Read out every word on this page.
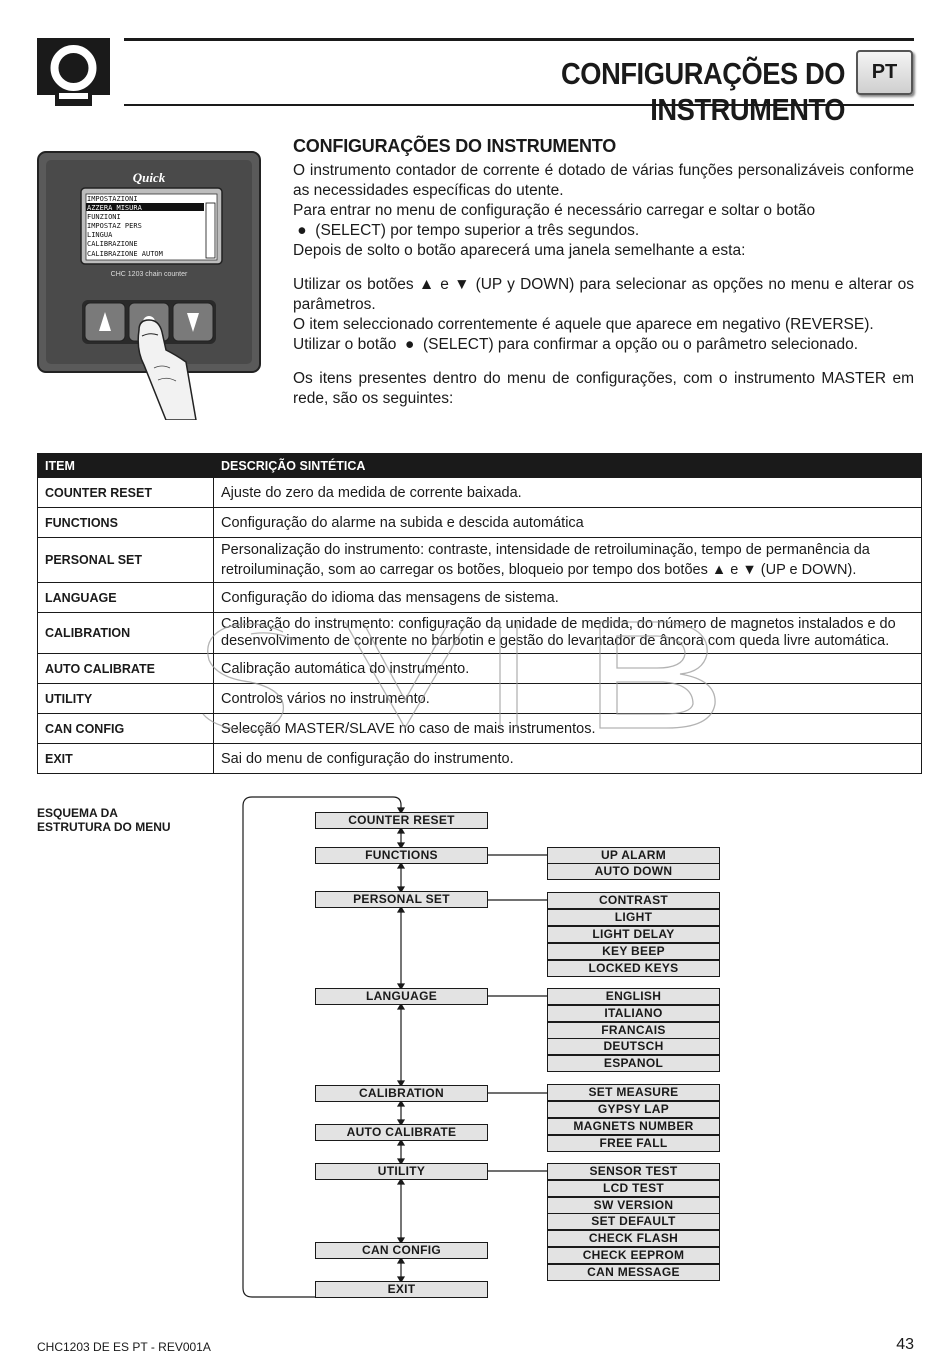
CONFIGURAÇÕES DO INSTRUMENTO
PT
Quick
IMPOSTAZIONI
AZZERA MISURA
FUNZIONI
IMPOSTAZ PERS
LINGUA
CALIBRAZIONE
CALIBRAZIONE AUTOM
CHC 1203 chain counter
CONFIGURAÇÕES DO INSTRUMENTO

O instrumento contador de corrente é dotado de várias funções personalizáveis conforme as necessidades específicas do utente.

Para entrar no menu de configuração é necessário carregar e soltar o botão

●  (SELECT) por tempo superior a três segundos.

Depois de solto o botão aparecerá uma janela semelhante a esta:

Utilizar os botões ▲ e ▼ (UP y DOWN) para selecionar as opções no menu e alterar os parâmetros.

O item seleccionado correntemente é aquele que aparece em negativo (REVERSE).

Utilizar o botão  ●  (SELECT) para confirmar a opção ou o parâmetro selecionado.

Os itens presentes dentro do menu de configurações, com o instrumento MASTER em rede, são os seguintes:

ITEM	DESCRIÇÃO SINTÉTICA
COUNTER RESET	Ajuste do zero da medida de corrente baixada.
FUNCTIONS	Configuração do alarme na subida e descida automática
PERSONAL SET	Personalização do instrumento: contraste, intensidade de retroiluminação, tempo de permanência da retroiluminação, som ao carregar os botões, bloqueio por tempo dos botões ▲ e ▼ (UP e DOWN).
LANGUAGE	Configuração do idioma das mensagens de sistema.
CALIBRATION	Calibração do instrumento: configuração da unidade de medida, do número de magnetos instalados e do desenvolvimento de corrente no barbotin e gestão do levantador de âncora com queda livre automática.
AUTO CALIBRATE	Calibração automática do instrumento.
UTILITY	Controlos vários no instrumento.
CAN CONFIG	Selecção MASTER/SLAVE no caso de mais instrumentos.
EXIT	Sai do menu de configuração do instrumento.
ESQUEMA DA
ESTRUTURA DO MENU	COUNTER RESET
FUNCTIONS
PERSONAL SET
LANGUAGE
CALIBRATION
AUTO CALIBRATE
UTILITY
CAN CONFIG
EXIT
UP ALARM
AUTO DOWN
CONTRAST
LIGHT
LIGHT DELAY
KEY BEEP
LOCKED KEYS
ENGLISH
ITALIANO
FRANCAIS
DEUTSCH
ESPANOL
SET MEASURE
GYPSY LAP
MAGNETS NUMBER
FREE FALL
SENSOR TEST
LCD TEST
SW VERSION
SET DEFAULT
CHECK FLASH
CHECK EEPROM
CAN MESSAGE
CHC1203 DE ES PT - REV001A	43
